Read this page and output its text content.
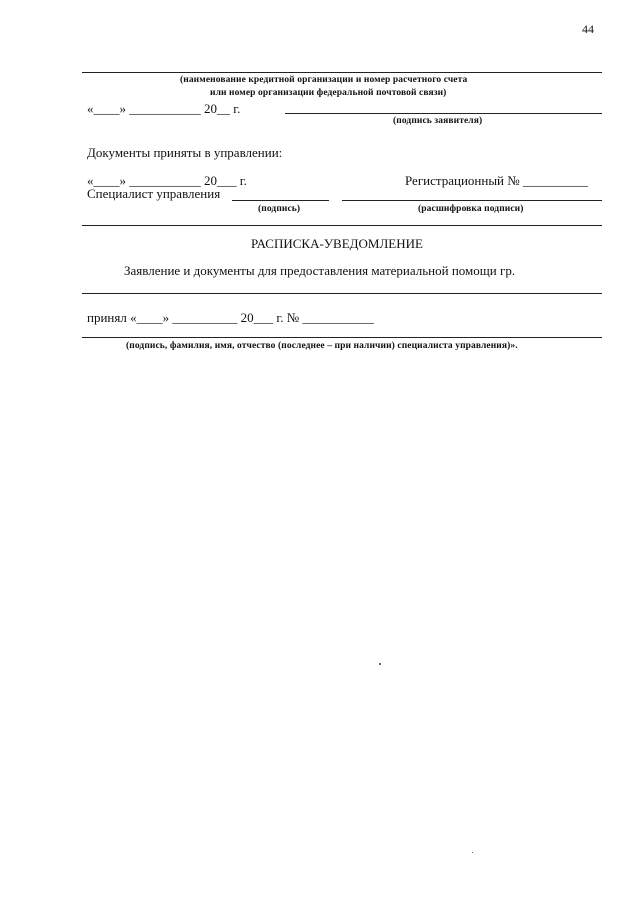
44
(наименование кредитной организации и номер расчетного счета
или номер организации федеральной почтовой связи)
«____» ___________ 20__ г.
(подпись заявителя)
Документы приняты в управлении:
«____» ___________ 20___ г.	Регистрационный № __________
Специалист управления
(подпись)	(расшифровка подписи)
РАСПИСКА-УВЕДОМЛЕНИЕ
Заявление и документы для предоставления материальной помощи гр.
принял «____» __________ 20___ г. № ___________
(подпись, фамилия, имя, отчество (последнее – при наличии) специалиста управления)».
